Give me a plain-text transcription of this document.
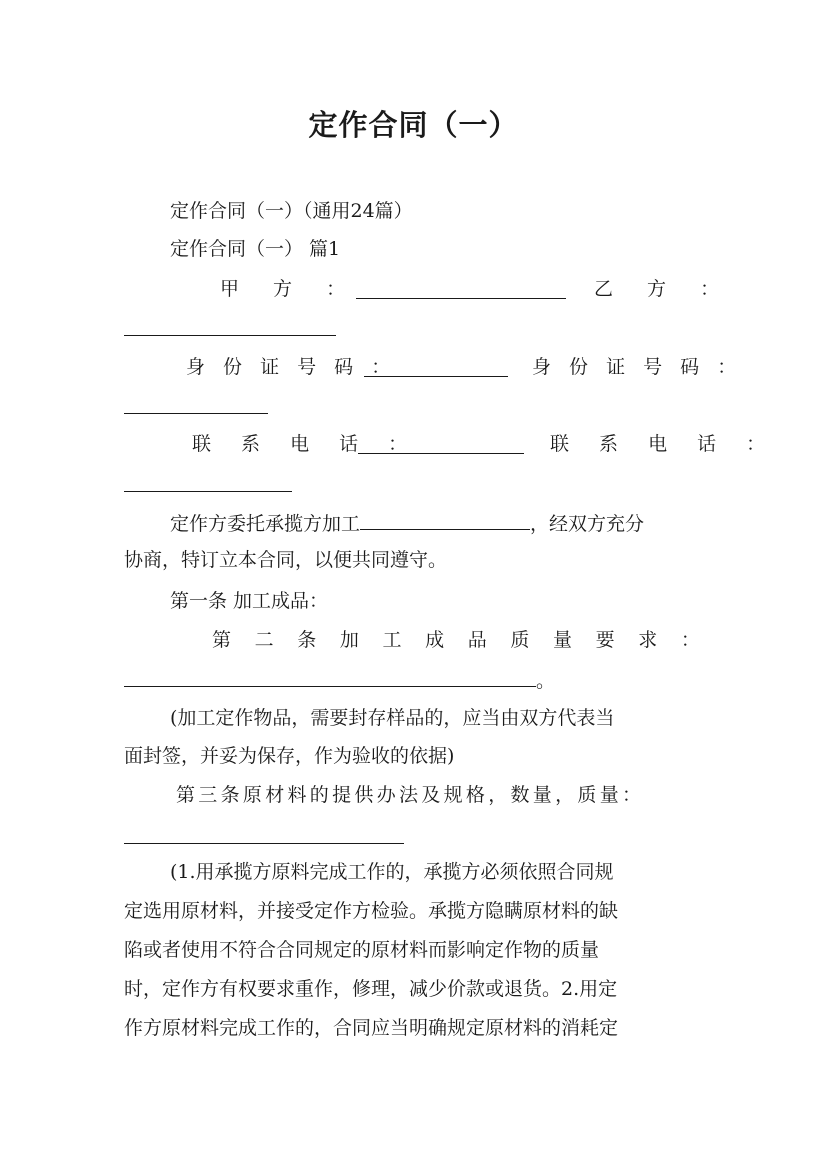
定作合同（一）
定作合同（一）（通用24篇）
定作合同（一） 篇1
甲 方 ：	乙 方 ：
身 份 证 号 码 ：	身 份 证 号 码 ：
联 系 电 话 ：	联 系 电 话 ：
定作方委托承揽方加工	，经双方充分
协商，特订立本合同，以便共同遵守。
第一条 加工成品：
第 二 条 加 工 成 品 质 量 要 求 ：
。
(加工定作物品，需要封存样品的，应当由双方代表当
面封签，并妥为保存，作为验收的依据)
第三条原材料的提供办法及规格，数量，质量：
(1.用承揽方原料完成工作的，承揽方必须依照合同规
定选用原材料，并接受定作方检验。承揽方隐瞒原材料的缺
陷或者使用不符合合同规定的原材料而影响定作物的质量
时，定作方有权要求重作，修理，减少价款或退货。2.用定
作方原材料完成工作的，合同应当明确规定原材料的消耗定
